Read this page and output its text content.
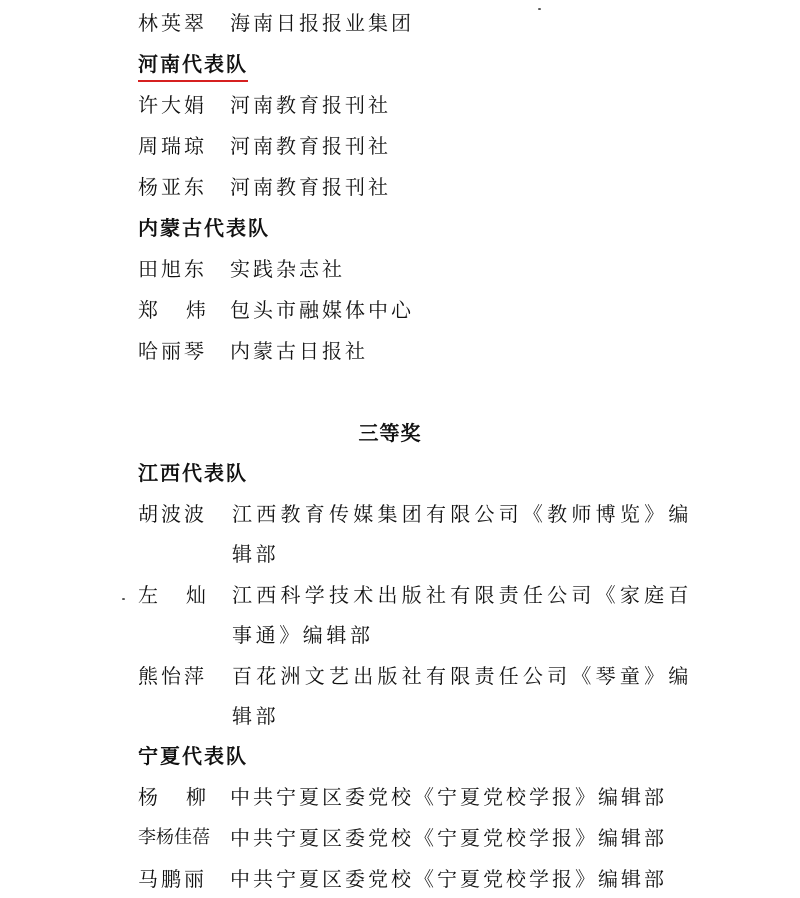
林英翠 海南日报报业集团
河南代表队
许大娟 河南教育报刊社
周瑞琼 河南教育报刊社
杨亚东 河南教育报刊社
内蒙古代表队
田旭东 实践杂志社
郑 炜 包头市融媒体中心
哈丽琴 内蒙古日报社
三等奖
江西代表队
胡波波 江西教育传媒集团有限公司《教师博览》编辑部
左 灿 江西科学技术出版社有限责任公司《家庭百事通》编辑部
熊怡萍 百花洲文艺出版社有限责任公司《琴童》编辑部
宁夏代表队
杨 柳 中共宁夏区委党校《宁夏党校学报》编辑部
李杨佳蓓 中共宁夏区委党校《宁夏党校学报》编辑部
马鹏丽 中共宁夏区委党校《宁夏党校学报》编辑部
